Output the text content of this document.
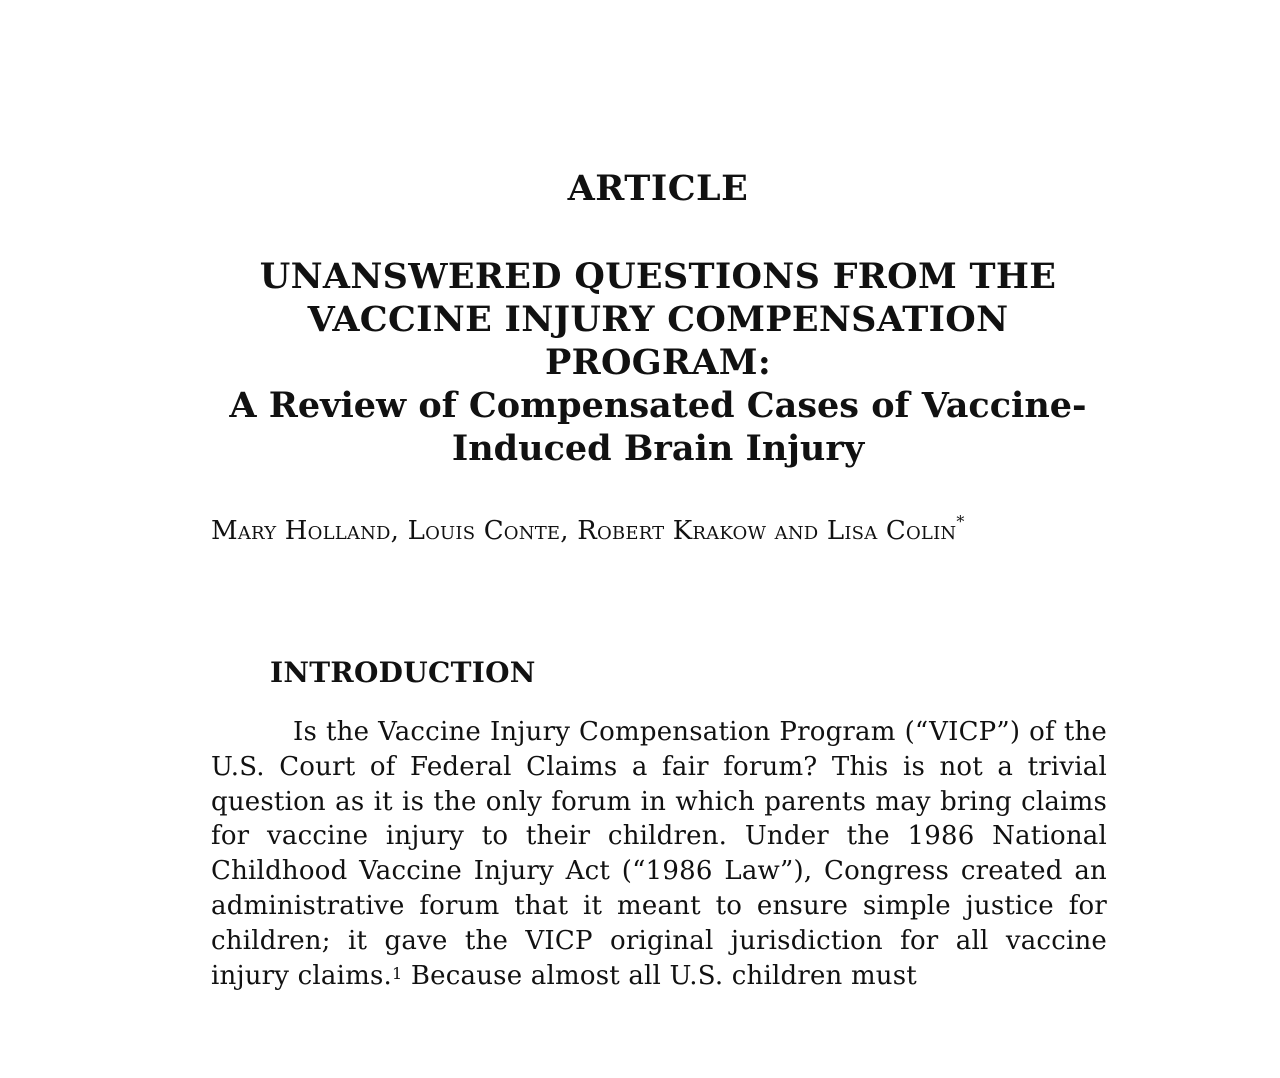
ARTICLE
UNANSWERED QUESTIONS FROM THE
VACCINE INJURY COMPENSATION
PROGRAM:
A Review of Compensated Cases of Vaccine-
Induced Brain Injury
Mary Holland, Louis Conte, Robert Krakow and Lisa Colin*
INTRODUCTION

Is the Vaccine Injury Compensation Program (“VICP”) of the U.S. Court of Federal Claims a fair forum? This is not a trivial question as it is the only forum in which parents may bring claims for vaccine injury to their children. Under the 1986 National Childhood Vaccine Injury Act (“1986 Law”), Congress created an administrative forum that it meant to ensure simple justice for children; it gave the VICP original jurisdiction for all vaccine injury claims.$^1$ Because almost all U.S. children must
